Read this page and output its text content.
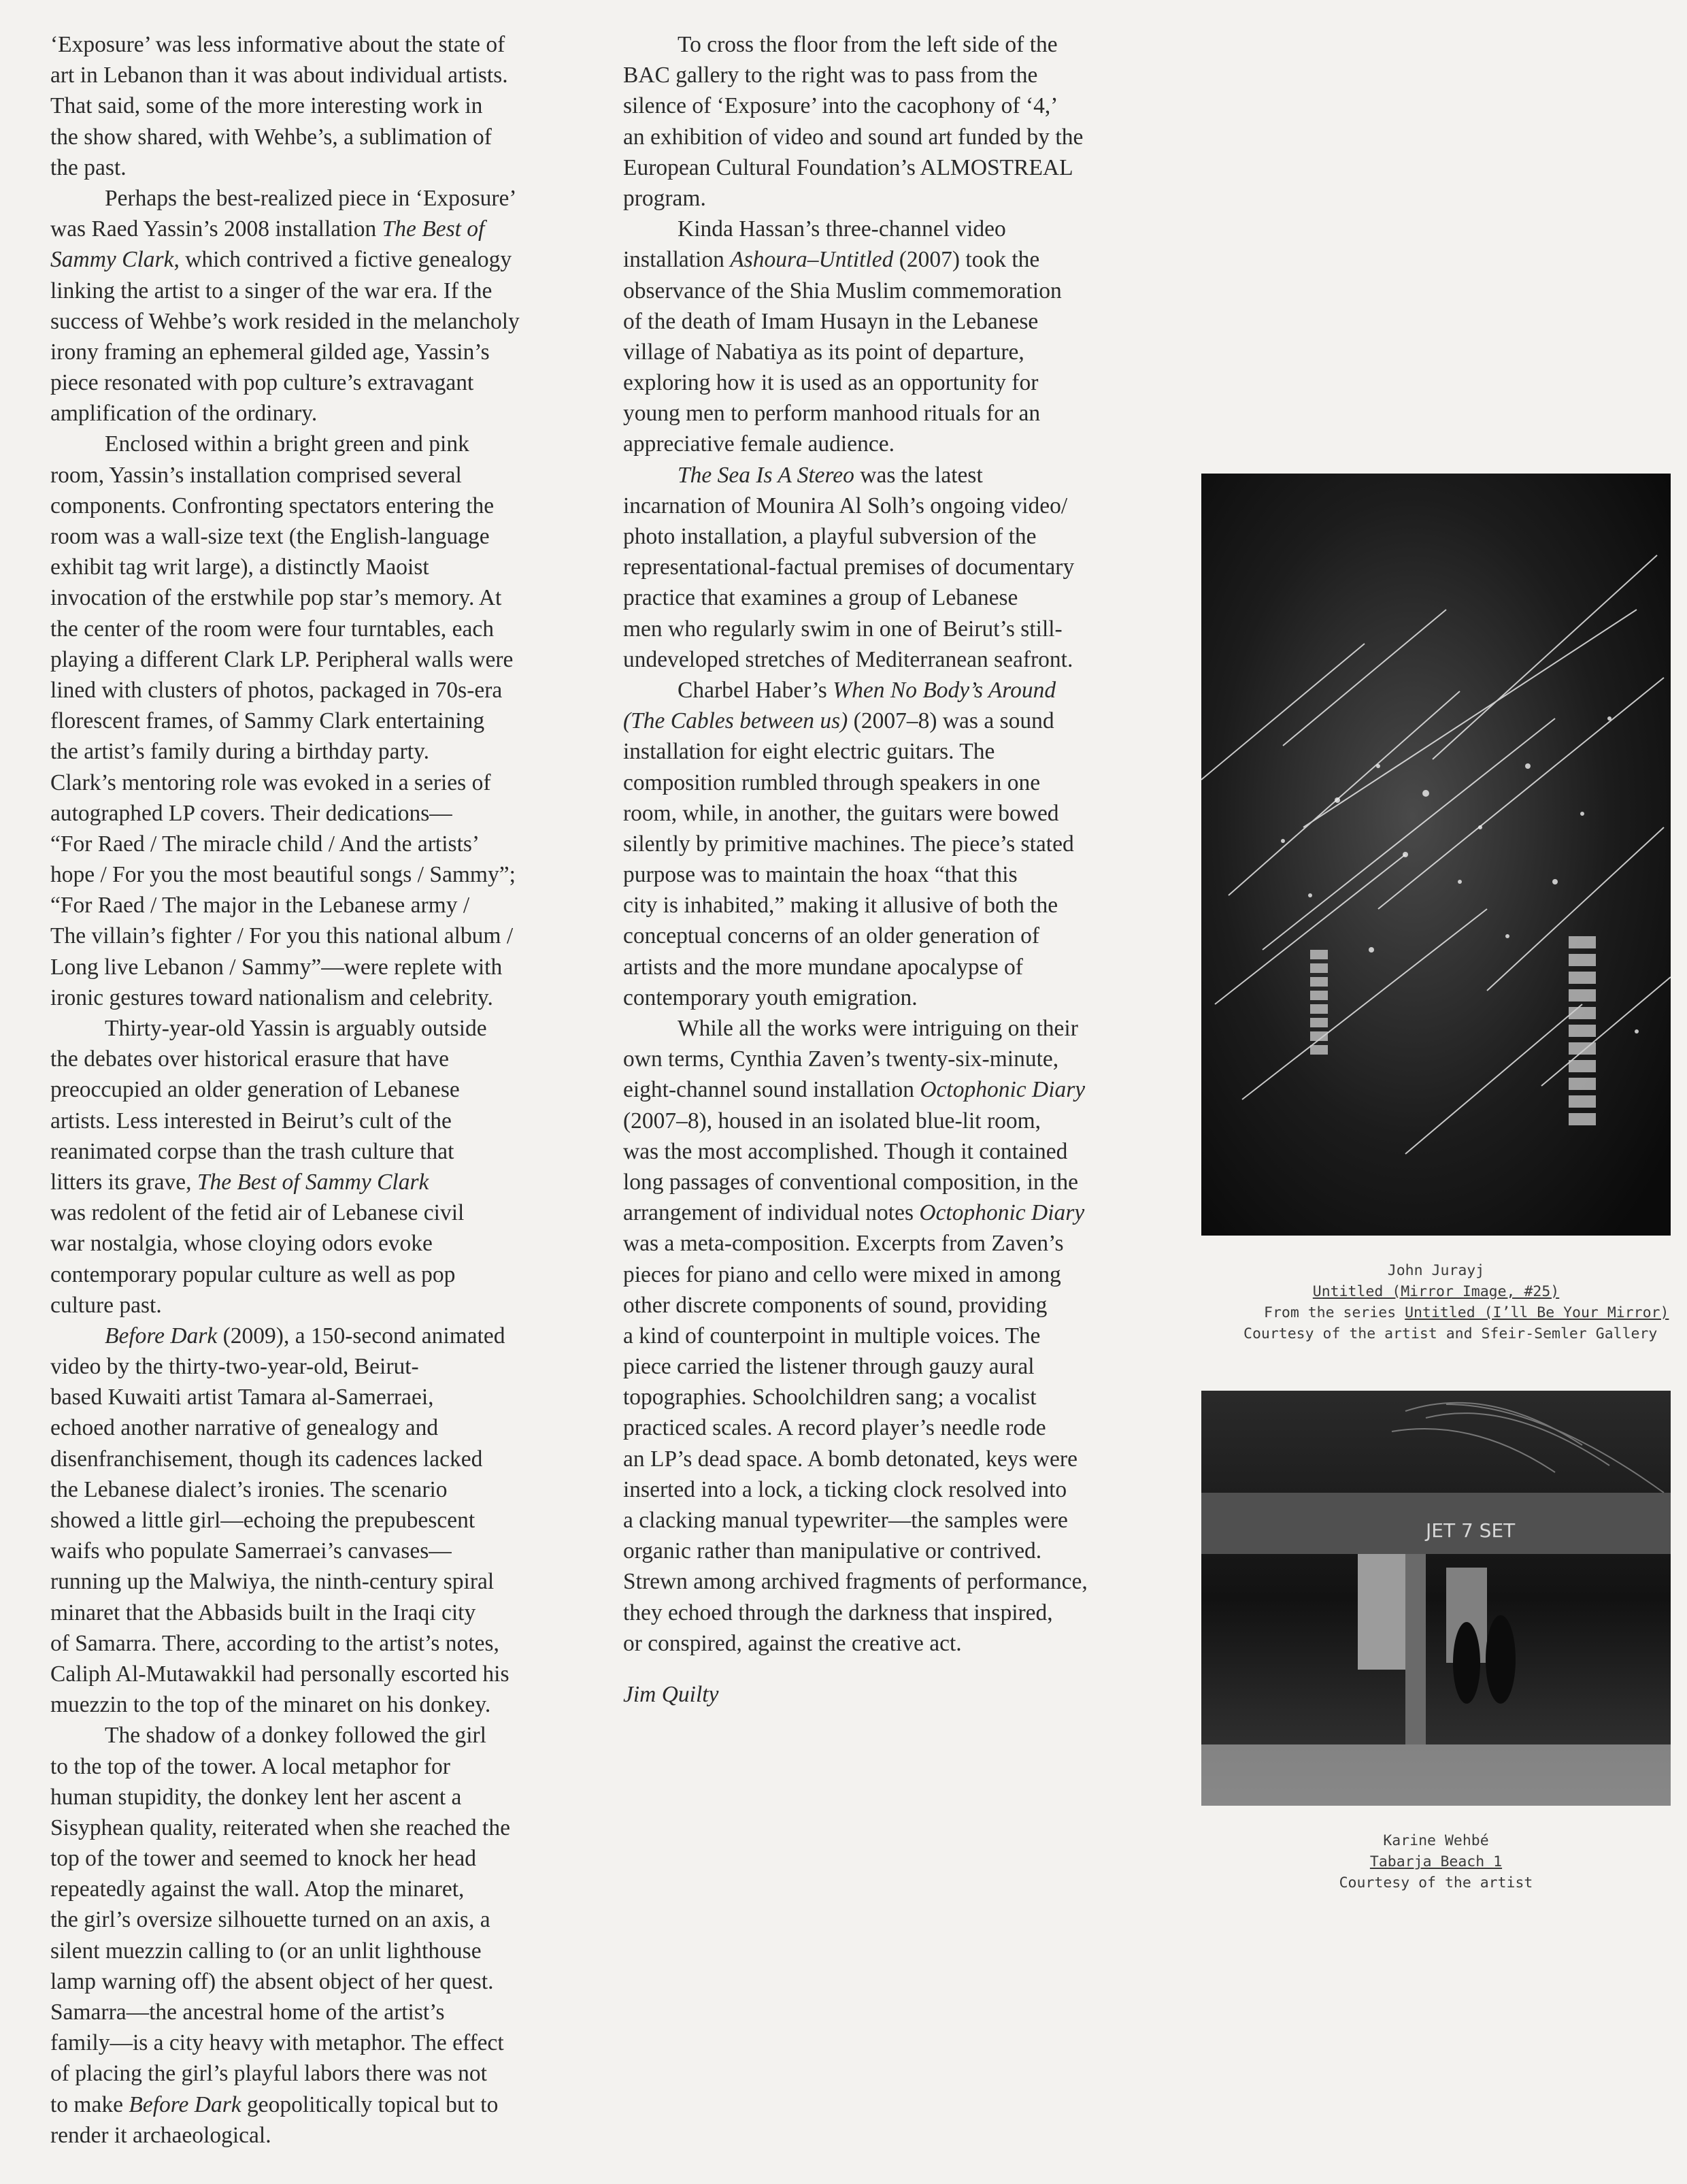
‘Exposure’ was less informative about the state of
art in Lebanon than it was about individual artists.
That said, some of the more interesting work in
the show shared, with Wehbe’s, a sublimation of
the past.
Perhaps the best-realized piece in ‘Exposure’
was Raed Yassin’s 2008 installation The Best of
Sammy Clark, which contrived a fictive genealogy
linking the artist to a singer of the war era. If the
success of Wehbe’s work resided in the melancholy
irony framing an ephemeral gilded age, Yassin’s
piece resonated with pop culture’s extravagant
amplification of the ordinary.
Enclosed within a bright green and pink
room, Yassin’s installation comprised several
components. Confronting spectators entering the
room was a wall-size text (the English-language
exhibit tag writ large), a distinctly Maoist
invocation of the erstwhile pop star’s memory. At
the center of the room were four turntables, each
playing a different Clark LP. Peripheral walls were
lined with clusters of photos, packaged in 70s-era
florescent frames, of Sammy Clark entertaining
the artist’s family during a birthday party.
Clark’s mentoring role was evoked in a series of
autographed LP covers. Their dedications—
“For Raed / The miracle child / And the artists’
hope / For you the most beautiful songs / Sammy”;
“For Raed / The major in the Lebanese army /
The villain’s fighter / For you this national album /
Long live Lebanon / Sammy”—were replete with
ironic gestures toward nationalism and celebrity.
Thirty-year-old Yassin is arguably outside
the debates over historical erasure that have
preoccupied an older generation of Lebanese
artists. Less interested in Beirut’s cult of the
reanimated corpse than the trash culture that
litters its grave, The Best of Sammy Clark
was redolent of the fetid air of Lebanese civil
war nostalgia, whose cloying odors evoke
contemporary popular culture as well as pop
culture past.
Before Dark (2009), a 150-second animated
video by the thirty-two-year-old, Beirut-
based Kuwaiti artist Tamara al-Samerraei,
echoed another narrative of genealogy and
disenfranchisement, though its cadences lacked
the Lebanese dialect’s ironies. The scenario
showed a little girl—echoing the prepubescent
waifs who populate Samerraei’s canvases—
running up the Malwiya, the ninth-century spiral
minaret that the Abbasids built in the Iraqi city
of Samarra. There, according to the artist’s notes,
Caliph Al-Mutawakkil had personally escorted his
muezzin to the top of the minaret on his donkey.
The shadow of a donkey followed the girl
to the top of the tower. A local metaphor for
human stupidity, the donkey lent her ascent a
Sisyphean quality, reiterated when she reached the
top of the tower and seemed to knock her head
repeatedly against the wall. Atop the minaret,
the girl’s oversize silhouette turned on an axis, a
silent muezzin calling to (or an unlit lighthouse
lamp warning off) the absent object of her quest.
Samarra—the ancestral home of the artist’s
family—is a city heavy with metaphor. The effect
of placing the girl’s playful labors there was not
to make Before Dark geopolitically topical but to
render it archaeological.
To cross the floor from the left side of the
BAC gallery to the right was to pass from the
silence of ‘Exposure’ into the cacophony of ‘4,’
an exhibition of video and sound art funded by the
European Cultural Foundation’s ALMOSTREAL
program.
Kinda Hassan’s three-channel video
installation Ashoura–Untitled (2007) took the
observance of the Shia Muslim commemoration
of the death of Imam Husayn in the Lebanese
village of Nabatiya as its point of departure,
exploring how it is used as an opportunity for
young men to perform manhood rituals for an
appreciative female audience.
The Sea Is A Stereo was the latest
incarnation of Mounira Al Solh’s ongoing video/
photo installation, a playful subversion of the
representational-factual premises of documentary
practice that examines a group of Lebanese
men who regularly swim in one of Beirut’s still-
undeveloped stretches of Mediterranean seafront.
Charbel Haber’s When No Body’s Around
(The Cables between us) (2007–8) was a sound
installation for eight electric guitars. The
composition rumbled through speakers in one
room, while, in another, the guitars were bowed
silently by primitive machines. The piece’s stated
purpose was to maintain the hoax “that this
city is inhabited,” making it allusive of both the
conceptual concerns of an older generation of
artists and the more mundane apocalypse of
contemporary youth emigration.
While all the works were intriguing on their
own terms, Cynthia Zaven’s twenty-six-minute,
eight-channel sound installation Octophonic Diary
(2007–8), housed in an isolated blue-lit room,
was the most accomplished. Though it contained
long passages of conventional composition, in the
arrangement of individual notes Octophonic Diary
was a meta-composition. Excerpts from Zaven’s
pieces for piano and cello were mixed in among
other discrete components of sound, providing
a kind of counterpoint in multiple voices. The
piece carried the listener through gauzy aural
topographies. Schoolchildren sang; a vocalist
practiced scales. A record player’s needle rode
an LP’s dead space. A bomb detonated, keys were
inserted into a lock, a ticking clock resolved into
a clacking manual typewriter—the samples were
organic rather than manipulative or contrived.
Strewn among archived fragments of performance,
they echoed through the darkness that inspired,
or conspired, against the creative act.
Jim Quilty
John Jurayj
Untitled (Mirror Image, #25)
From the series Untitled (I’ll Be Your Mirror)
Courtesy of the artist and Sfeir-Semler Gallery
JET 7 SET
Karine Wehbé
Tabarja Beach 1
Courtesy of the artist
